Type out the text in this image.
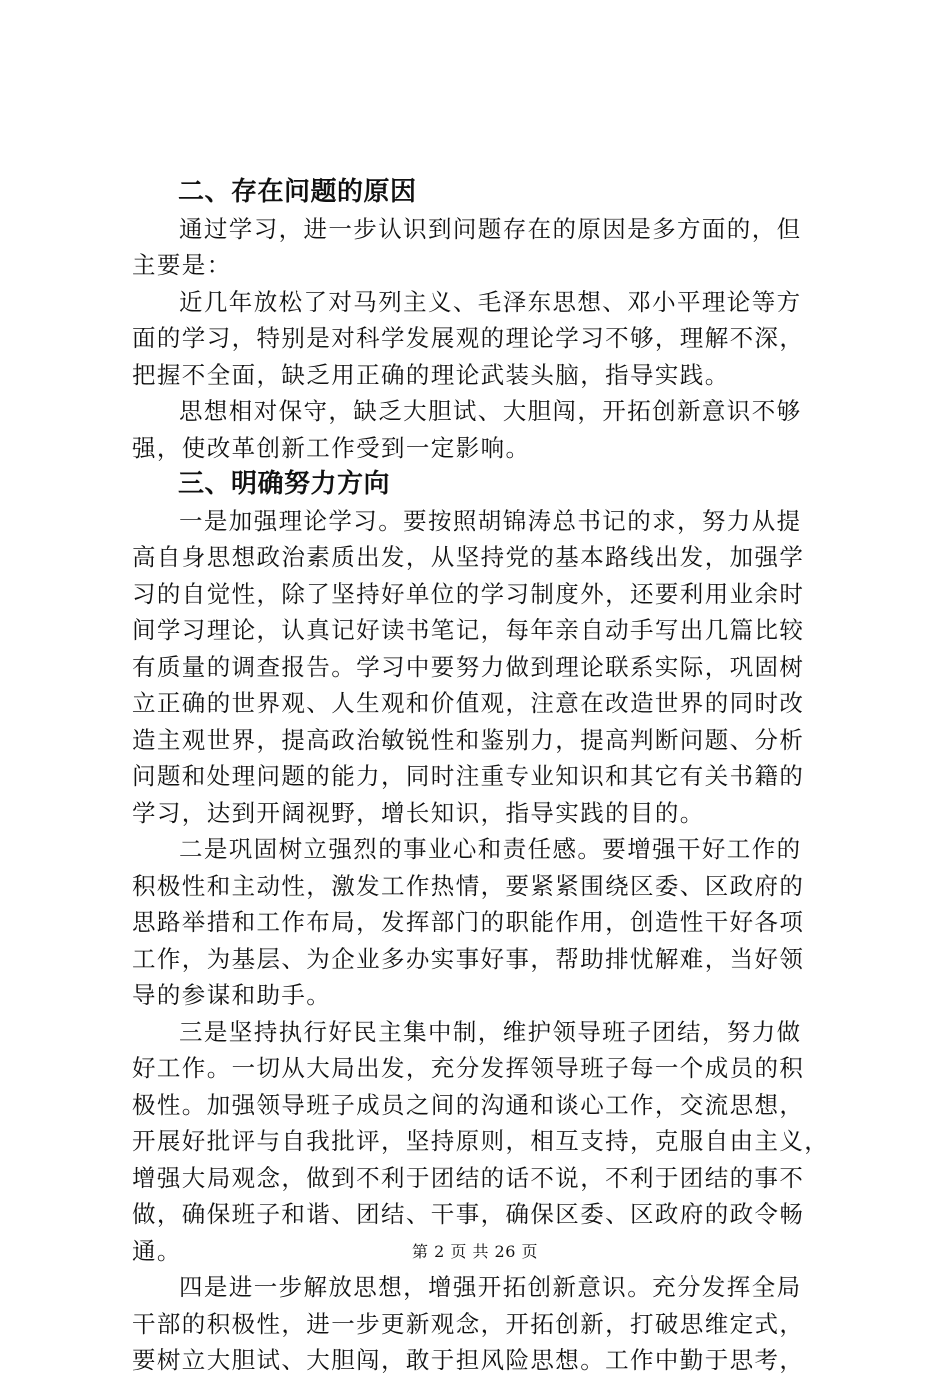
二、存在问题的原因
通过学习，进一步认识到问题存在的原因是多方面的，但
主要是：
近几年放松了对马列主义、毛泽东思想、邓小平理论等方
面的学习，特别是对科学发展观的理论学习不够，理解不深，
把握不全面，缺乏用正确的理论武装头脑，指导实践。
思想相对保守，缺乏大胆试、大胆闯，开拓创新意识不够
强，使改革创新工作受到一定影响。
三、明确努力方向
一是加强理论学习。要按照胡锦涛总书记的求，努力从提
高自身思想政治素质出发，从坚持党的基本路线出发，加强学
习的自觉性，除了坚持好单位的学习制度外，还要利用业余时
间学习理论，认真记好读书笔记，每年亲自动手写出几篇比较
有质量的调查报告。学习中要努力做到理论联系实际，巩固树
立正确的世界观、人生观和价值观，注意在改造世界的同时改
造主观世界，提高政治敏锐性和鉴别力，提高判断问题、分析
问题和处理问题的能力，同时注重专业知识和其它有关书籍的
学习，达到开阔视野，增长知识，指导实践的目的。
二是巩固树立强烈的事业心和责任感。要增强干好工作的
积极性和主动性，激发工作热情，要紧紧围绕区委、区政府的
思路举措和工作布局，发挥部门的职能作用，创造性干好各项
工作，为基层、为企业多办实事好事，帮助排忧解难，当好领
导的参谋和助手。
三是坚持执行好民主集中制，维护领导班子团结，努力做
好工作。一切从大局出发，充分发挥领导班子每一个成员的积
极性。加强领导班子成员之间的沟通和谈心工作，交流思想，
开展好批评与自我批评，坚持原则，相互支持，克服自由主义，
增强大局观念，做到不利于团结的话不说，不利于团结的事不
做，确保班子和谐、团结、干事，确保区委、区政府的政令畅
通。
四是进一步解放思想，增强开拓创新意识。充分发挥全局
干部的积极性，进一步更新观念，开拓创新，打破思维定式，
要树立大胆试、大胆闯，敢于担风险思想。工作中勤于思考，
第 2 页 共 26 页
